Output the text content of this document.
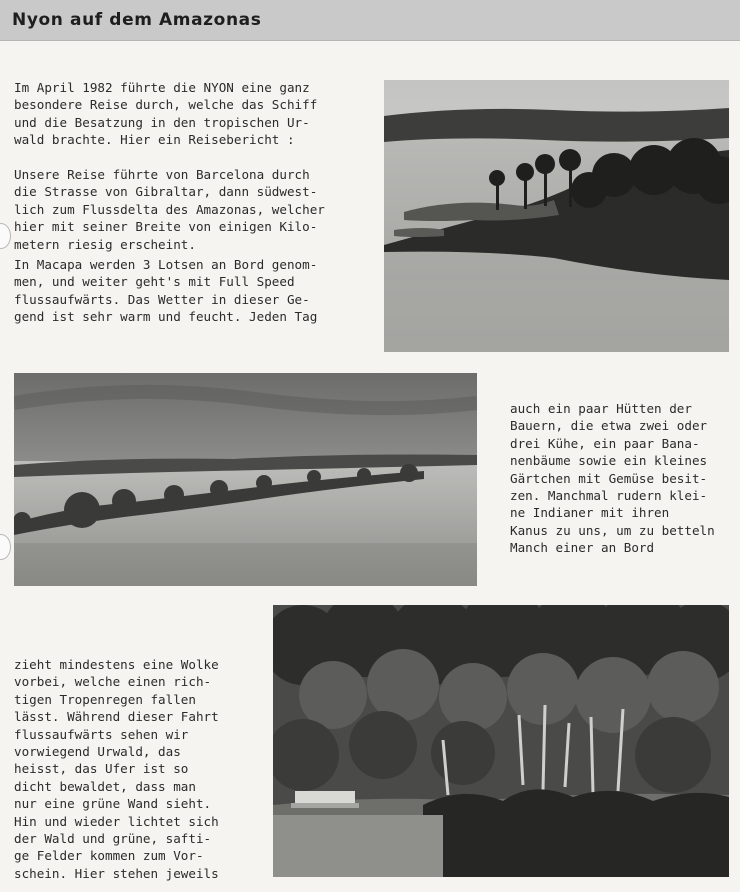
Nyon auf dem Amazonas

Im April 1982 führte die NYON eine ganz
besondere Reise durch, welche das Schiff
und die Besatzung in den tropischen Ur-
wald brachte. Hier ein Reisebericht :

Unsere Reise führte von Barcelona durch
die Strasse von Gibraltar, dann südwest-
lich zum Flussdelta des Amazonas, welcher
hier mit seiner Breite von einigen Kilo-
metern riesig erscheint.

In Macapa werden 3 Lotsen an Bord genom-
men, und weiter geht's mit Full Speed
flussaufwärts. Das Wetter in dieser Ge-
gend ist sehr warm und feucht. Jeden Tag

auch ein paar Hütten der
Bauern, die etwa zwei oder
drei Kühe, ein paar Bana-
nenbäume sowie ein kleines
Gärtchen mit Gemüse besit-
zen. Manchmal rudern klei-
ne Indianer mit ihren
Kanus zu uns, um zu betteln
Manch einer an Bord

zieht mindestens eine Wolke
vorbei, welche einen rich-
tigen Tropenregen fallen
lässt. Während dieser Fahrt
flussaufwärts sehen wir
vorwiegend Urwald, das
heisst, das Ufer ist so
dicht bewaldet, dass man
nur eine grüne Wand sieht.
Hin und wieder lichtet sich
der Wald und grüne, safti-
ge Felder kommen zum Vor-
schein. Hier stehen jeweils
